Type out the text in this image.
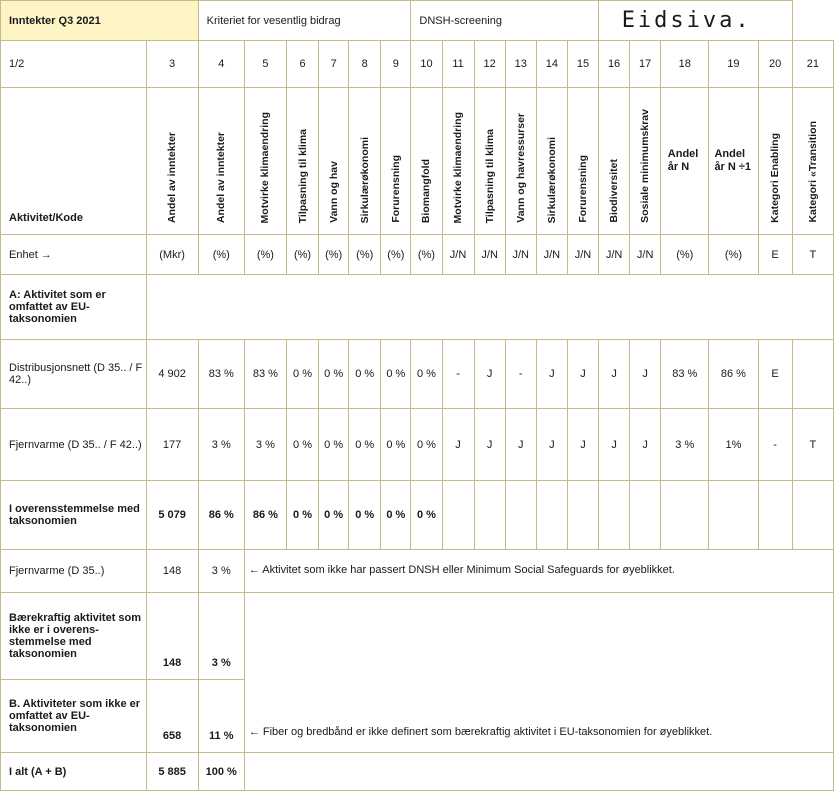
Inntekter Q3 2021		Kriteriet for vesentlig bidrag						DNSH-screening						Eidsiva.					
1/2	3	4	5	6	7	8	9	10	11	12	13	14	15	16	17	18	19	20	21
Aktivitet/Kode	Andel av inntekter	Andel av inntekter	Motvirke klimaendring	Tilpasning til klima	Vann og hav	Sirkulærøkonomi	Forurensning	Biomangfold	Motvirke klimaendring	Tilpasning til klima	Vann og havressurser	Sirkulærøkonomi	Forurensning	Biodiversitet	Sosiale minimumskrav	Andel år N	Andel år N ÷1	Kategori Enabling	Kategori «Transition
Enhet →	(Mkr)	(%)	(%)	(%)	(%)	(%)	(%)	(%)	J/N	J/N	J/N	J/N	J/N	J/N	J/N	(%)	(%)	E	T
A: Aktivitet som er omfattet av EU-taksonomien																			
Distribusjonsnett (D 35.. / F 42..)	4 902	83 %	83 %	0 %	0 %	0 %	0 %	0 %	-	J	-	J	J	J	J	83 %	86 %	E	
Fjernvarme (D 35.. / F 42..)	177	3 %	3 %	0 %	0 %	0 %	0 %	0 %	J	J	J	J	J	J	J	3 %	1%	-	T
I overensstemmelse med taksonomien	5 079	86 %	86 %	0 %	0 %	0 %	0 %	0 %											
Fjernvarme (D 35..)	148	3 %	← Aktivitet som ikke har passert DNSH eller Minimum Social Safeguards for øyeblikket.																
Bærekraftig aktivitet som ikke er i overens-stemmelse med taksonomien	148	3 %																	
B. Aktiviteter som ikke er omfattet av EU-taksonomien	658	11 %	← Fiber og bredbånd er ikke definert som bærekraftig aktivitet i EU-taksonomien for øyeblikket.																
I alt (A + B)	5 885	100 %																	
